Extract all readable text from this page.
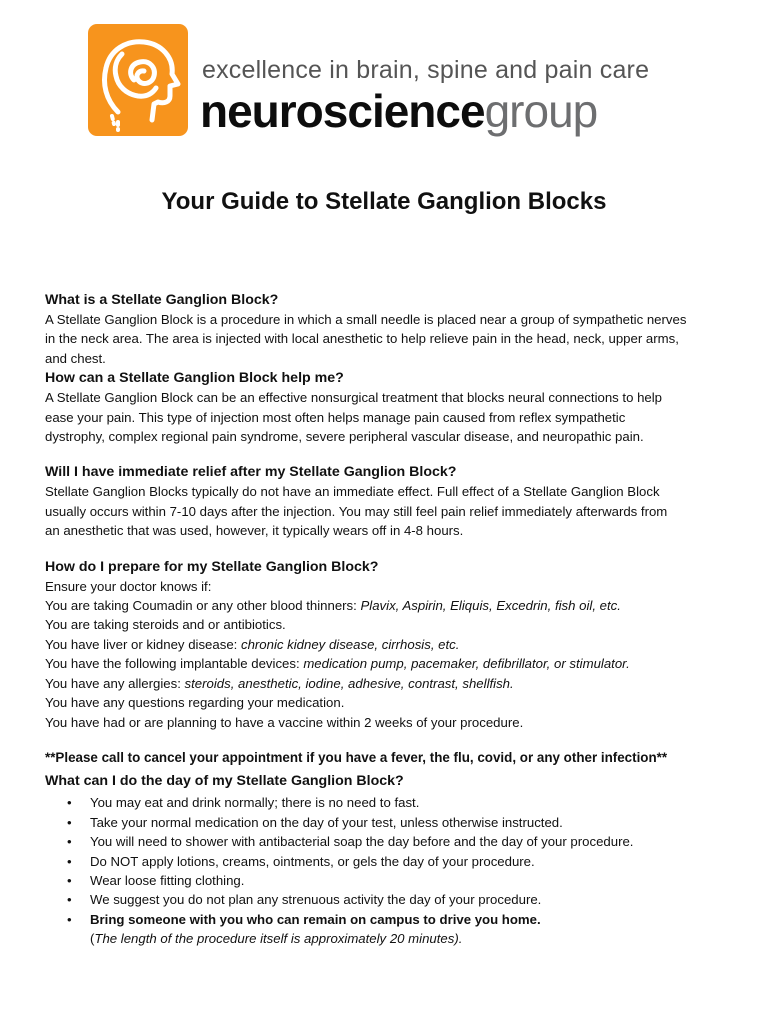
excellence in brain, spine and pain care
neurosciencegroup
Your Guide to Stellate Ganglion Blocks
What is a Stellate Ganglion Block?

A Stellate Ganglion Block is a procedure in which a small needle is placed near a group of sympathetic nerves

in the neck area. The area is injected with local anesthetic to help relieve pain in the head, neck, upper arms,

and chest.

How can a Stellate Ganglion Block help me?

A Stellate Ganglion Block can be an effective nonsurgical treatment that blocks neural connections to help

ease your pain. This type of injection most often helps manage pain caused from reflex sympathetic

dystrophy, complex regional pain syndrome, severe peripheral vascular disease, and neuropathic pain.

Will I have immediate relief after my Stellate Ganglion Block?

Stellate Ganglion Blocks typically do not have an immediate effect. Full effect of a Stellate Ganglion Block

usually occurs within 7-10 days after the injection. You may still feel pain relief immediately afterwards from

an anesthetic that was used, however, it typically wears off in 4-8 hours.

How do I prepare for my Stellate Ganglion Block?

Ensure your doctor knows if:

You are taking Coumadin or any other blood thinners: Plavix, Aspirin, Eliquis, Excedrin, fish oil, etc.

You are taking steroids and or antibiotics.

You have liver or kidney disease: chronic kidney disease, cirrhosis, etc.

You have the following implantable devices: medication pump, pacemaker, defibrillator, or stimulator.

You have any allergies: steroids, anesthetic, iodine, adhesive, contrast, shellfish.

You have any questions regarding your medication.

You have had or are planning to have a vaccine within 2 weeks of your procedure.

**Please call to cancel your appointment if you have a fever, the flu, covid, or any other infection**

What can I do the day of my Stellate Ganglion Block?
• You may eat and drink normally; there is no need to fast.
• Take your normal medication on the day of your test, unless otherwise instructed.
• You will need to shower with antibacterial soap the day before and the day of your procedure.
• Do NOT apply lotions, creams, ointments, or gels the day of your procedure.
• Wear loose fitting clothing.
• We suggest you do not plan any strenuous activity the day of your procedure.
• Bring someone with you who can remain on campus to drive you home.
(The length of the procedure itself is approximately 20 minutes).
